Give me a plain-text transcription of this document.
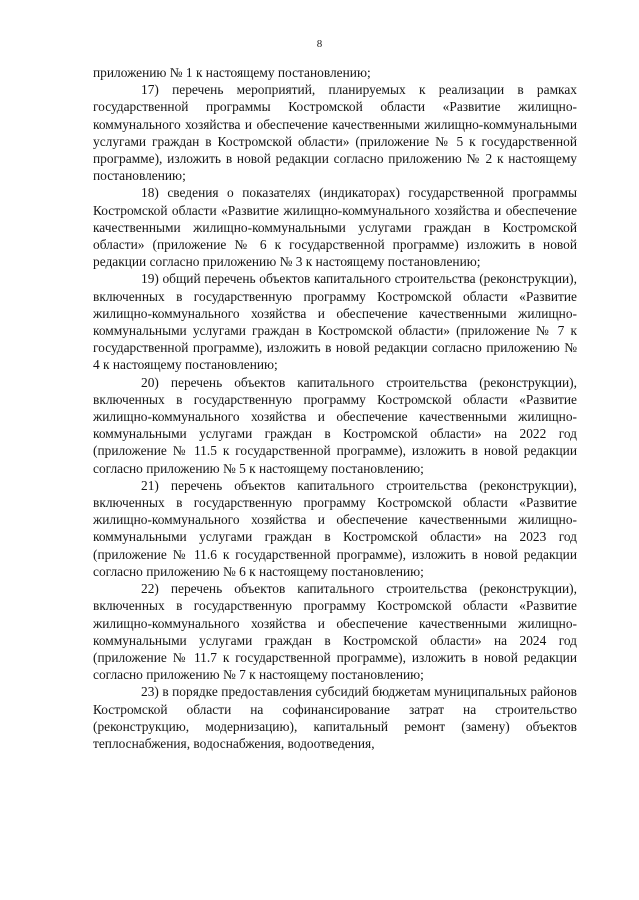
8

приложению № 1 к настоящему постановлению;

17) перечень мероприятий, планируемых к реализации в рамках государственной программы Костромской области «Развитие жилищно-коммунального хозяйства и обеспечение качественными жилищно-коммунальными услугами граждан в Костромской области» (приложение № 5 к государственной программе), изложить в новой редакции согласно приложению № 2 к настоящему постановлению;

18) сведения о показателях (индикаторах) государственной программы Костромской области «Развитие жилищно-коммунального хозяйства и обеспечение качественными жилищно-коммунальными услугами граждан в Костромской области» (приложение № 6 к государственной программе) изложить в новой редакции согласно приложению № 3 к настоящему постановлению;

19) общий перечень объектов капитального строительства (реконструкции), включенных в государственную программу Костромской области «Развитие жилищно-коммунального хозяйства и обеспечение качественными жилищно-коммунальными услугами граждан в Костромской области» (приложение № 7 к государственной программе), изложить в новой редакции согласно приложению № 4 к настоящему постановлению;

20) перечень объектов капитального строительства (реконструкции), включенных в государственную программу Костромской области «Развитие жилищно-коммунального хозяйства и обеспечение качественными жилищно-коммунальными услугами граждан в Костромской области» на 2022 год (приложение № 11.5 к государственной программе), изложить в новой редакции согласно приложению № 5 к настоящему постановлению;

21) перечень объектов капитального строительства (реконструкции), включенных в государственную программу Костромской области «Развитие жилищно-коммунального хозяйства и обеспечение качественными жилищно-коммунальными услугами граждан в Костромской области» на 2023 год (приложение № 11.6 к государственной программе), изложить в новой редакции согласно приложению № 6 к настоящему постановлению;

22) перечень объектов капитального строительства (реконструкции), включенных в государственную программу Костромской области «Развитие жилищно-коммунального хозяйства и обеспечение качественными жилищно-коммунальными услугами граждан в Костромской области» на 2024 год (приложение № 11.7 к государственной программе), изложить в новой редакции согласно приложению № 7 к настоящему постановлению;

23) в порядке предоставления субсидий бюджетам муниципальных районов Костромской области на софинансирование затрат на строительство (реконструкцию, модернизацию), капитальный ремонт (замену) объектов теплоснабжения, водоснабжения, водоотведения,
